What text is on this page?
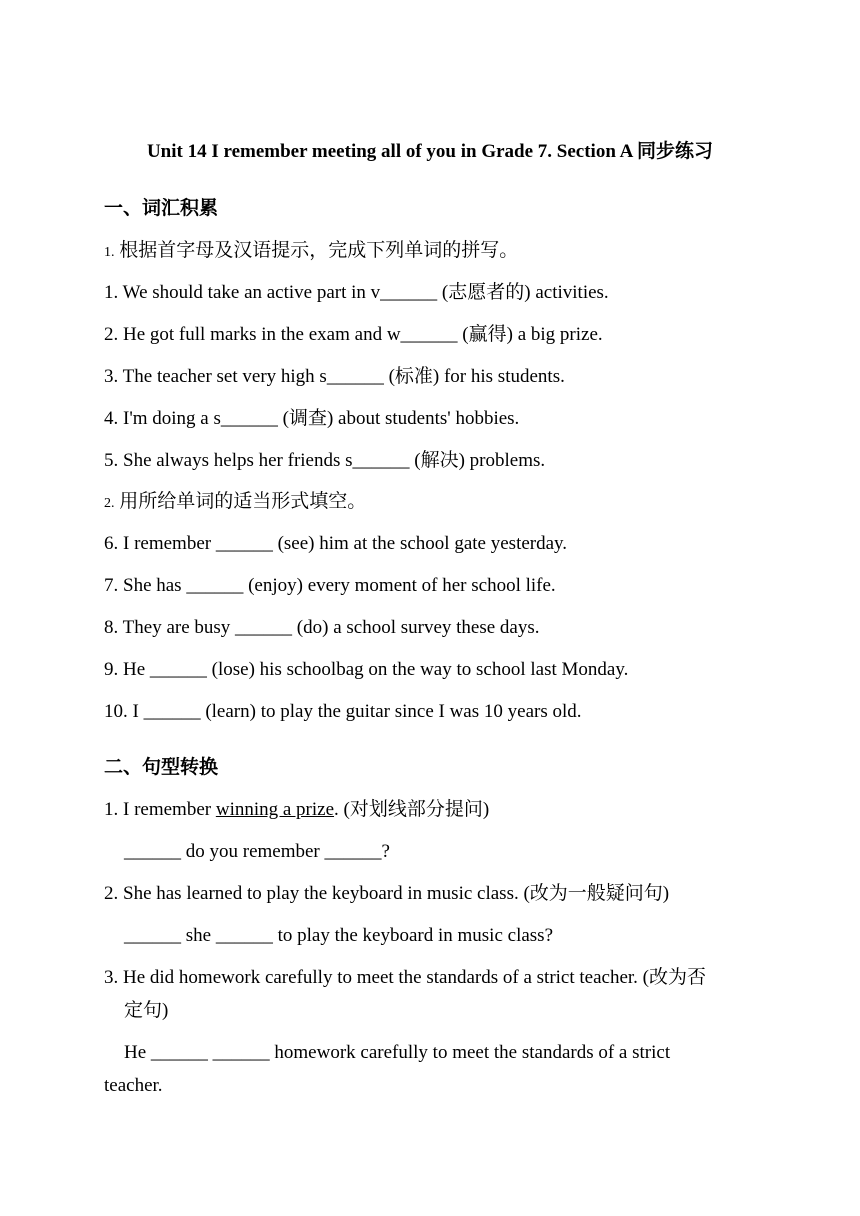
Unit 14 I remember meeting all of you in Grade 7. Section A 同步练习
一、词汇积累
1. 根据首字母及汉语提示，完成下列单词的拼写。
1. We should take an active part in v______ (志愿者的) activities.
2. He got full marks in the exam and w______ (赢得) a big prize.
3. The teacher set very high s______ (标准) for his students.
4. I'm doing a s______ (调查) about students' hobbies.
5. She always helps her friends s______ (解决) problems.
2. 用所给单词的适当形式填空。
6. I remember ______ (see) him at the school gate yesterday.
7. She has ______ (enjoy) every moment of her school life.
8. They are busy ______ (do) a school survey these days.
9. He ______ (lose) his schoolbag on the way to school last Monday.
10. I ______ (learn) to play the guitar since I was 10 years old.
二、句型转换
1. I remember winning a prize. (对划线部分提问)
______ do you remember ______?
2. She has learned to play the keyboard in music class. (改为一般疑问句)
______ she ______ to play the keyboard in music class?
3. He did homework carefully to meet the standards of a strict teacher. (改为否
定句)
He ______ ______ homework carefully to meet the standards of a strict
teacher.
